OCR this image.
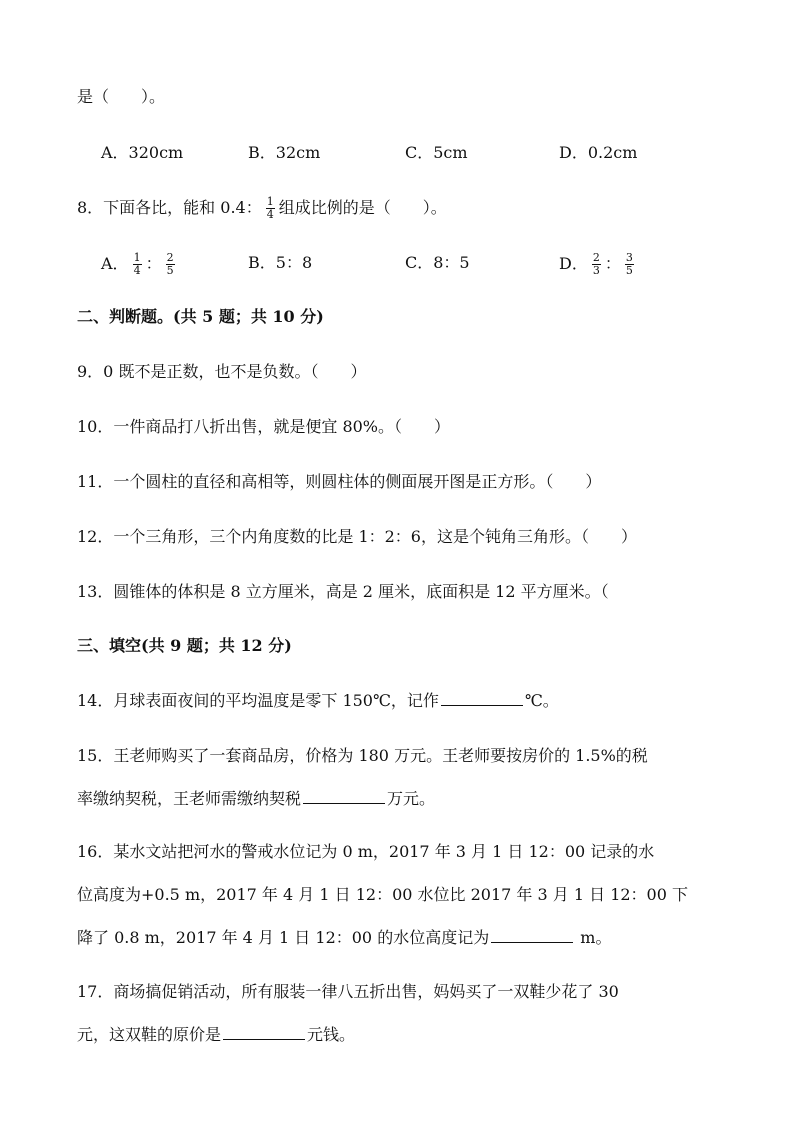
是（　　）。
A．320cm	B．32cm	C．5cm	D．0.2cm
8．下面各比，能和 0.4： $\frac{1}{4}$ 组成比例的是（　　）。
A． $\frac{1}{4}$ ： $\frac{2}{5}$	B．5：8	C．8：5	D． $\frac{2}{3}$ ： $\frac{3}{5}$
二、判断题。(共 5 题；共 10 分)
9．0 既不是正数，也不是负数。（　　）
10．一件商品打八折出售，就是便宜 80%。（　　）
11．一个圆柱的直径和高相等，则圆柱体的侧面展开图是正方形。（　　）
12．一个三角形，三个内角度数的比是 1：2：6，这是个钝角三角形。（　　）
13．圆锥体的体积是 8 立方厘米，高是 2 厘米，底面积是 12 平方厘米。（
三、填空(共 9 题；共 12 分)
14．月球表面夜间的平均温度是零下 150℃，记作	℃。
15．王老师购买了一套商品房，价格为 180 万元。王老师要按房价的 1.5%的税
率缴纳契税，王老师需缴纳契税	万元。
16．某水文站把河水的警戒水位记为 0 m，2017 年 3 月 1 日 12：00 记录的水
位高度为+0.5 m，2017 年 4 月 1 日 12：00 水位比 2017 年 3 月 1 日 12：00 下
降了 0.8 m，2017 年 4 月 1 日 12：00 的水位高度记为	m。
17．商场搞促销活动，所有服装一律八五折出售，妈妈买了一双鞋少花了 30
元，这双鞋的原价是	元钱。
